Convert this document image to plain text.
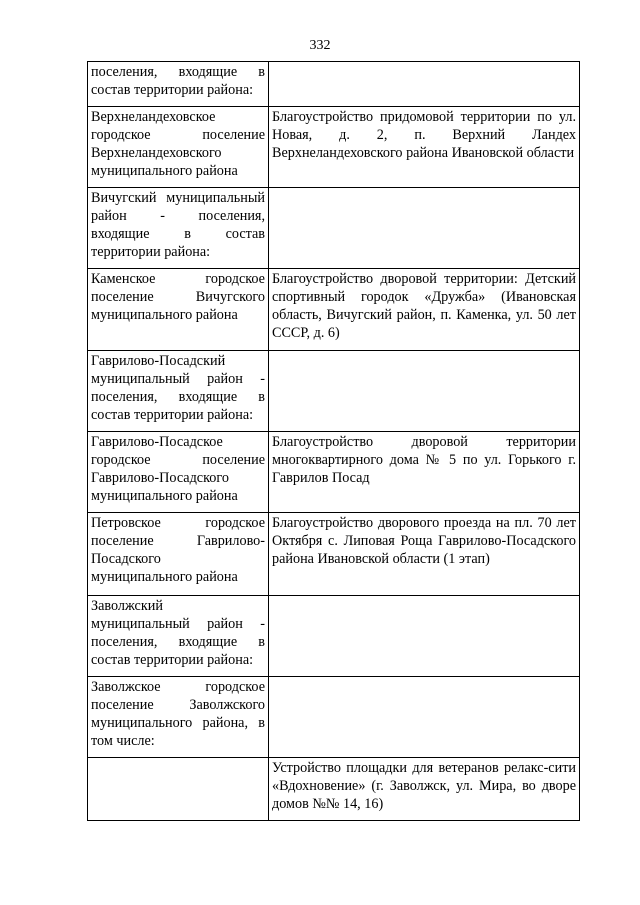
332
поселения, входящие в состав территории района:	
Верхнеландеховское городское поселение Верхнеландеховского муниципального района	Благоустройство придомовой территории по ул. Новая, д. 2, п. Верхний Ландех Верхнеландеховского района Ивановской области
Вичугский муниципальный район - поселения, входящие в состав территории района:	
Каменское городское поселение Вичугского муниципального района	Благоустройство дворовой территории: Детский спортивный городок «Дружба» (Ивановская область, Вичугский район, п. Каменка, ул. 50 лет СССР, д. 6)
Гаврилово-Посадский муниципальный район - поселения, входящие в состав территории района:	
Гаврилово-Посадское городское поселение Гаврилово-Посадского муниципального района	Благоустройство дворовой территории многоквартирного дома № 5 по ул. Горького г. Гаврилов Посад
Петровское городское поселение Гаврилово-Посадского муниципального района	Благоустройство дворового проезда на пл. 70 лет Октября с. Липовая Роща Гаврилово-Посадского района Ивановской области (1 этап)
Заволжский муниципальный район - поселения, входящие в состав территории района:	
Заволжское городское поселение Заволжского муниципального района, в том числе:	
	Устройство площадки для ветеранов релакс-сити «Вдохновение» (г. Заволжск, ул. Мира, во дворе домов №№ 14, 16)
